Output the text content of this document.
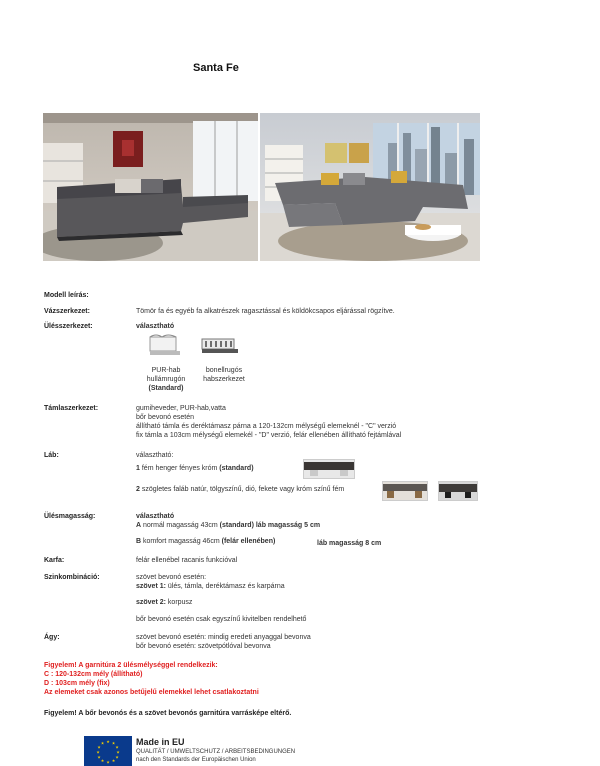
Santa Fe
Modell leírás:
Vázszerkezet:	Tömör fa és egyéb fa alkatrészek ragasztással és köldökcsapos eljárással rögzítve.
Ülésszerkezet:	választható
PUR-hab
hullámrugón
(Standard)
bonellrugós
habszerkezet
Támlaszerkezet:	gumiheveder, PUR-hab,vatta
bőr bevonó esetén
állítható támla és deréktámasz párna a 120-132cm mélységű elemeknél - "C" verzió
fix támla a 103cm mélységű elemekél - "D" verzió, felár ellenében állítható fejtámlával
Láb:	választható:
1 fém henger fényes króm (standard)
2 szögletes faláb natúr, tölgyszínű, dió, fekete vagy króm színű fém
Ülésmagasság:	választható
A normál magasság 43cm (standard) láb magasság 5 cm
B komfort magasság 46cm (felár ellenében)	láb magasság 8 cm
Karfa:	felár ellenébel racanis funkcióval
Szinkombináció:	szövet bevonó esetén:
szövet 1: ülés, támla, deréktámasz és karpárna
szövet 2: korpusz
bőr bevonó esetén csak egyszínű kivitelben rendelhető
Ágy:	szövet bevonó esetén: mindig eredeti anyaggal bevonva
bőr bevonó esetén: szövetpótlóval bevonva
Figyelem! A garnitúra 2 ülésmélységgel rendelkezik:
C : 120-132cm mély (állítható)
D : 103cm mély (fix)
Az elemeket csak azonos betűjelű elemekkel lehet csatlakoztatni
Figyelem! A bőr bevonós és a szövet bevonós garnitúra varrásképe eltérő.
★ ★
★
★
★
★
★
★
★
★
★
★	Made in EU
QUALITÄT / UMWELTSCHUTZ / ARBEITSBEDINGUNGEN
nach den Standards der Europäischen Union
